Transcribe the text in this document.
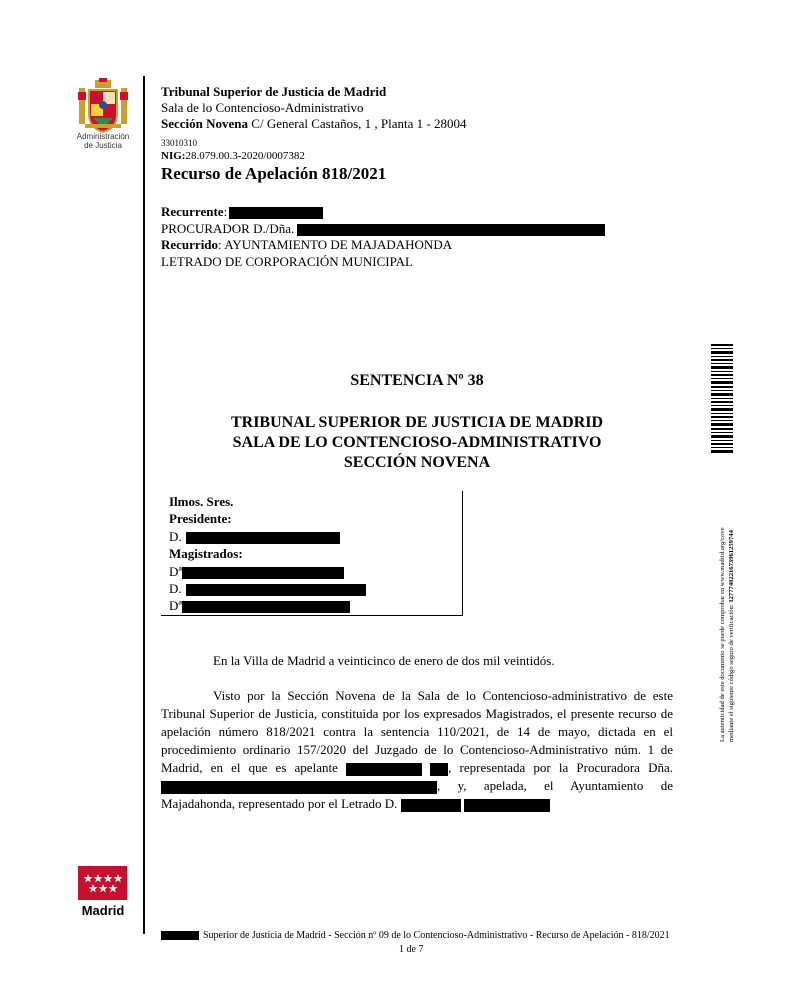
Administración
de Justicia
Tribunal Superior de Justicia de Madrid
Sala de lo Contencioso-Administrativo
Sección Novena C/ General Castaños, 1 , Planta 1 - 28004
33010310
NIG:28.079.00.3-2020/0007382
Recurso de Apelación 818/2021
Recurrente:
PROCURADOR D./Dña.
Recurrido: AYUNTAMIENTO DE MAJADAHONDA
LETRADO DE CORPORACIÓN MUNICIPAL
SENTENCIA Nº 38
TRIBUNAL SUPERIOR DE JUSTICIA DE MADRID
SALA DE LO CONTENCIOSO-ADMINISTRATIVO
SECCIÓN NOVENA
Ilmos. Sres.
Presidente:
D.
Magistrados:
Dª
D.
Dª
En la Villa de Madrid a veinticinco de enero de dos mil veintidós.
Visto por la Sección Novena de la Sala de lo Contencioso-administrativo de este Tribunal Superior de Justicia, constituida por los expresados Magistrados, el presente recurso de apelación número 818/2021 contra la sentencia 110/2021, de 14 de mayo, dictada en el procedimiento ordinario 157/2020 del Juzgado de lo Contencioso-Administrativo núm. 1 de Madrid, en el que es apelante	, representada por la Procuradora Dña. , y, apelada, el Ayuntamiento de Majadahonda, representado por el Letrado D.
Madrid
Superior de Justicia de Madrid - Sección nº 09 de lo Contencioso-Administrativo - Recurso de Apelación - 818/2021
1 de 7
La autenticidad de este documento se puede comprobar en www.madrid.org/cove mediante el siguiente código seguro de verificación: 1277740221673961259744
